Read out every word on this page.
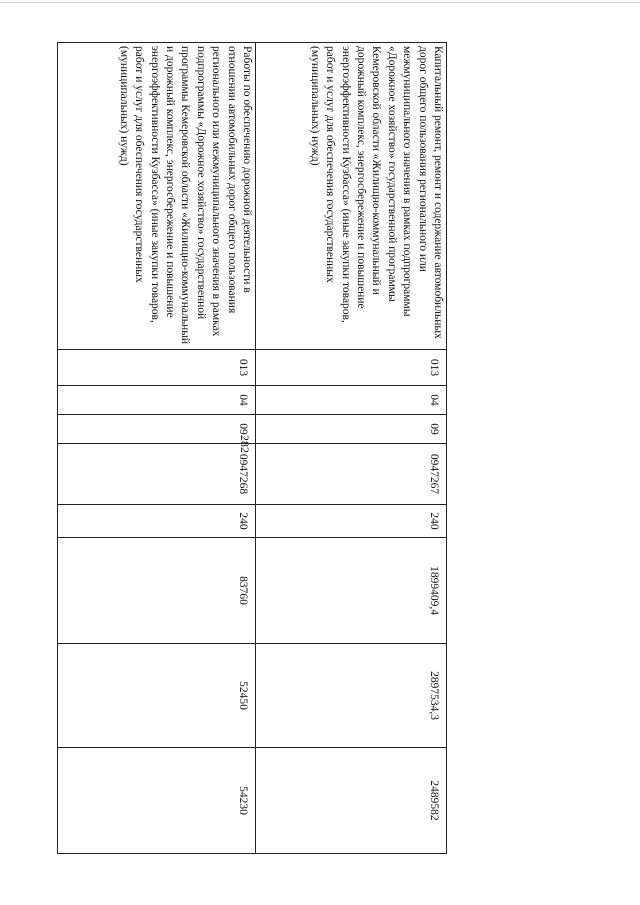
282
Капитальный ремонт, ремонт и содержание автомобильных дорог общего пользования регионального или межмуниципального значения в рамках подпрограммы «Дорожное хозяйство» государственной программы Кемеровской области «Жилищно-коммунальный и дорожный комплекс, энергосбережение и повышение энергоэффективности Кузбасса» (иные закупки товаров, работ и услуг для обеспечения государственных (муниципальных) нужд)	013	04	09	0947267	240	1899409,4	2897534,3	2489582

Работы по обеспечению дорожной деятельности в отношении автомобильных дорог общего пользования регионального или межмуниципального значения в рамках подпрограммы «Дорожное хозяйство» государственной программы Кемеровской области «Жилищно-коммунальный и дорожный комплекс, энергосбережение и повышение энергоэффективности Кузбасса» (иные закупки товаров, работ и услуг для обеспечения государственных (муниципальных) нужд)	013	04	09	0947268	240	83760	52450	54230
